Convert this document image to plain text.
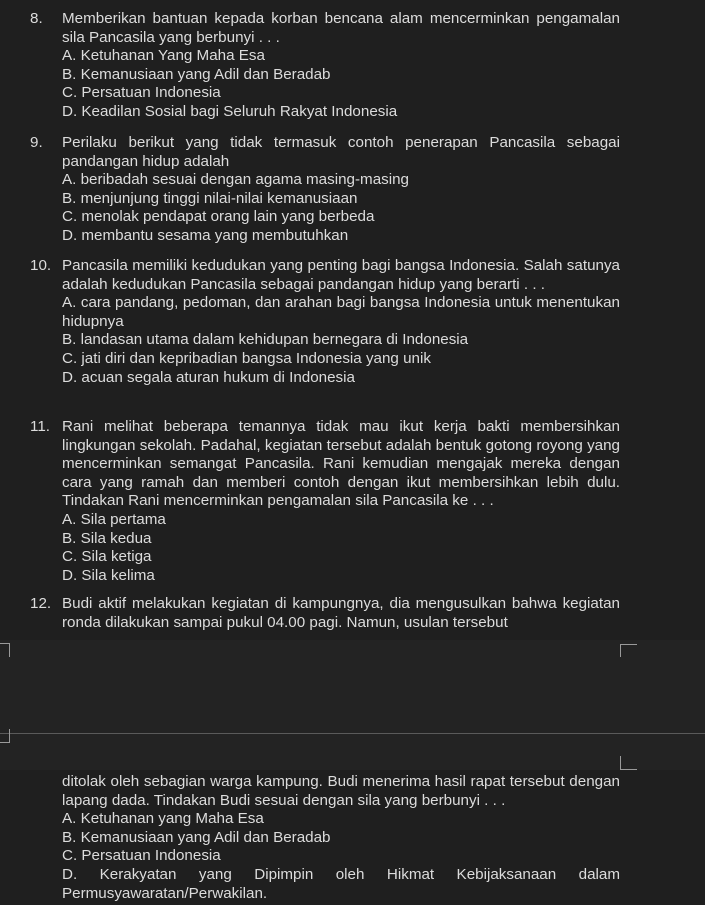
8.	Memberikan bantuan kepada korban bencana alam mencerminkan pengamalan sila Pancasila yang berbunyi . . .
A. Ketuhanan Yang Maha Esa
B. Kemanusiaan yang Adil dan Beradab
C. Persatuan Indonesia
D. Keadilan Sosial bagi Seluruh Rakyat Indonesia
9.	Perilaku berikut yang tidak termasuk contoh penerapan Pancasila sebagai pandangan hidup adalah
A. beribadah sesuai dengan agama masing-masing
B. menjunjung tinggi nilai-nilai kemanusiaan
C. menolak pendapat orang lain yang berbeda
D. membantu sesama yang membutuhkan
10. Pancasila memiliki kedudukan yang penting bagi bangsa Indonesia. Salah satunya adalah kedudukan Pancasila sebagai pandangan hidup yang berarti . . .
A. cara pandang, pedoman, dan arahan bagi bangsa Indonesia untuk menentukan hidupnya
B. landasan utama dalam kehidupan bernegara di Indonesia
C. jati diri dan kepribadian bangsa Indonesia yang unik
D. acuan segala aturan hukum di Indonesia
11. Rani melihat beberapa temannya tidak mau ikut kerja bakti membersihkan lingkungan sekolah. Padahal, kegiatan tersebut adalah bentuk gotong royong yang mencerminkan semangat Pancasila. Rani kemudian mengajak mereka dengan cara yang ramah dan memberi contoh dengan ikut membersihkan lebih dulu. Tindakan Rani mencerminkan pengamalan sila Pancasila ke . . .
A. Sila pertama
B. Sila kedua
C. Sila ketiga
D. Sila kelima
12. Budi aktif melakukan kegiatan di kampungnya, dia mengusulkan bahwa kegiatan ronda dilakukan sampai pukul 04.00 pagi. Namun, usulan tersebut
ditolak oleh sebagian warga kampung. Budi menerima hasil rapat tersebut dengan lapang dada. Tindakan Budi sesuai dengan sila yang berbunyi . . .
A. Ketuhanan yang Maha Esa
B. Kemanusiaan yang Adil dan Beradab
C. Persatuan Indonesia
D. Kerakyatan yang Dipimpin oleh Hikmat Kebijaksanaan dalam Permusyawaratan/Perwakilan.
